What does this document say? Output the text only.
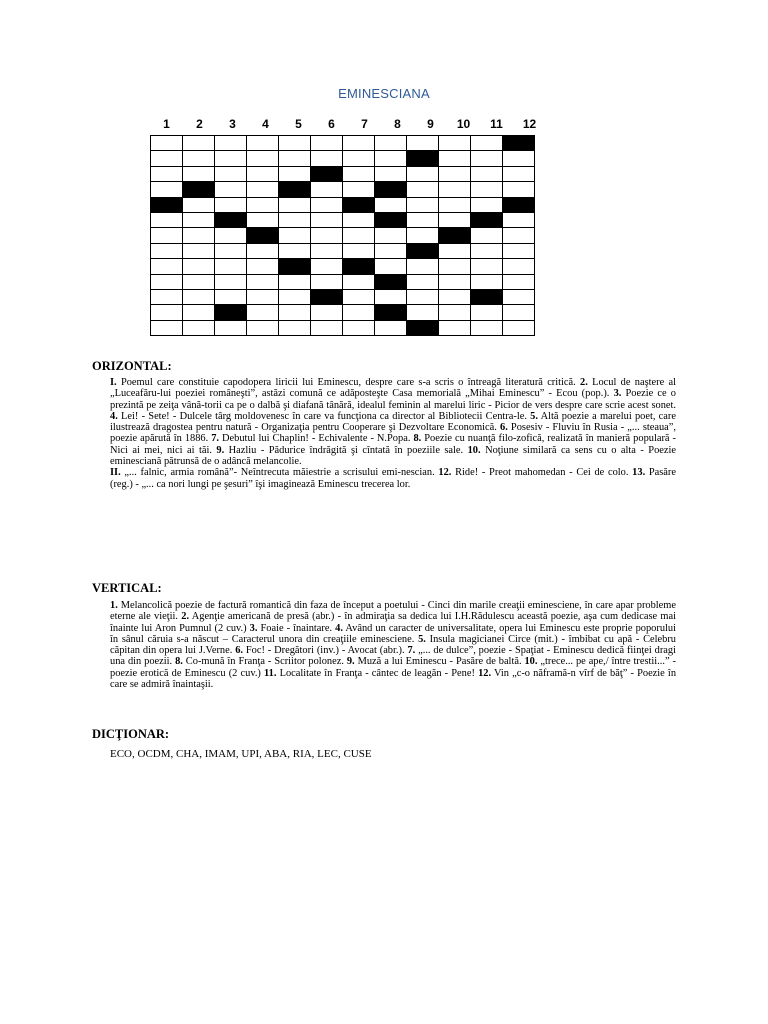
EMINESCIANA
1	2	3	4	5	6	7	8	9	10	11	12

ORIZONTAL:

I. Poemul care constituie capodopera liricii lui Eminescu, despre care s-a scris o întreagă literatură critică. 2. Locul de naştere al „Luceafăru-lui poeziei româneşti”, astăzi comună ce adăposteşte Casa memorială „Mihai Eminescu” - Ecou (pop.). 3. Poezie ce o prezintă pe zeiţa vână-torii ca pe o dalbă şi diafană tânără, idealul feminin al marelui liric - Picior de vers despre care scrie acest sonet. 4. Lei! - Sete! - Dulcele târg moldovenesc în care va funcţiona ca director al Bibliotecii Centra-le. 5. Altă poezie a marelui poet, care ilustrează dragostea pentru natură - Organizaţia pentru Cooperare şi Dezvoltare Economică. 6. Posesiv - Fluviu în Rusia - „... steaua”, poezie apărută în 1886. 7. Debutul lui Chaplin! - Echivalente - N.Popa. 8. Poezie cu nuanţă filo-zofică, realizată în manieră populară - Nici ai mei, nici ai tăi. 9. Hazliu - Pădurice îndrăgită şi cîntată în poeziile sale. 10. Noţiune similară ca sens cu o alta - Poezie eminesciană pătrunsă de o adâncă melancolie.

II. „... falnic, armia română”- Neîntrecuta măiestrie a scrisului emi-nescian. 12. Ride! - Preot mahomedan - Cei de colo. 13. Pasăre (reg.) - „... ca nori lungi pe şesuri” îşi imaginează Eminescu trecerea lor.

VERTICAL:

1. Melancolică poezie de factură romantică din faza de început a poetului - Cinci din marile creaţii eminesciene, în care apar probleme eterne ale vieţii. 2. Agenţie americană de presă (abr.) - în admiraţia sa dedica lui I.H.Rădulescu această poezie, aşa cum dedicase mai înainte lui Aron Pumnul (2 cuv.) 3. Foaie - înaintare. 4. Având un caracter de universalitate, opera lui Eminescu este proprie poporului în sânul căruia s-a născut – Caracterul unora din creaţiile eminesciene. 5. Insula magicianei Circe (mit.) - îmbibat cu apă - Celebru căpitan din opera lui J.Verne. 6. Foc! - Dregători (inv.) - Avocat (abr.). 7. „... de dulce”, poezie - Spaţiat - Eminescu dedică fiinţei dragi una din poezii. 8. Co-mună în Franţa - Scriitor polonez. 9. Muză a lui Eminescu - Pasăre de baltă. 10. „trece... pe ape,/ între trestii...” - poezie erotică de Eminescu (2 cuv.) 11. Localitate în Franţa - cântec de leagăn - Pene! 12. Vin „c-o năframă-n vîrf de băţ” - Poezie în care se admiră înaintaşii.

DICŢIONAR:
ECO, OCDM, CHA, IMAM, UPI, ABA, RIA, LEC, CUSE
